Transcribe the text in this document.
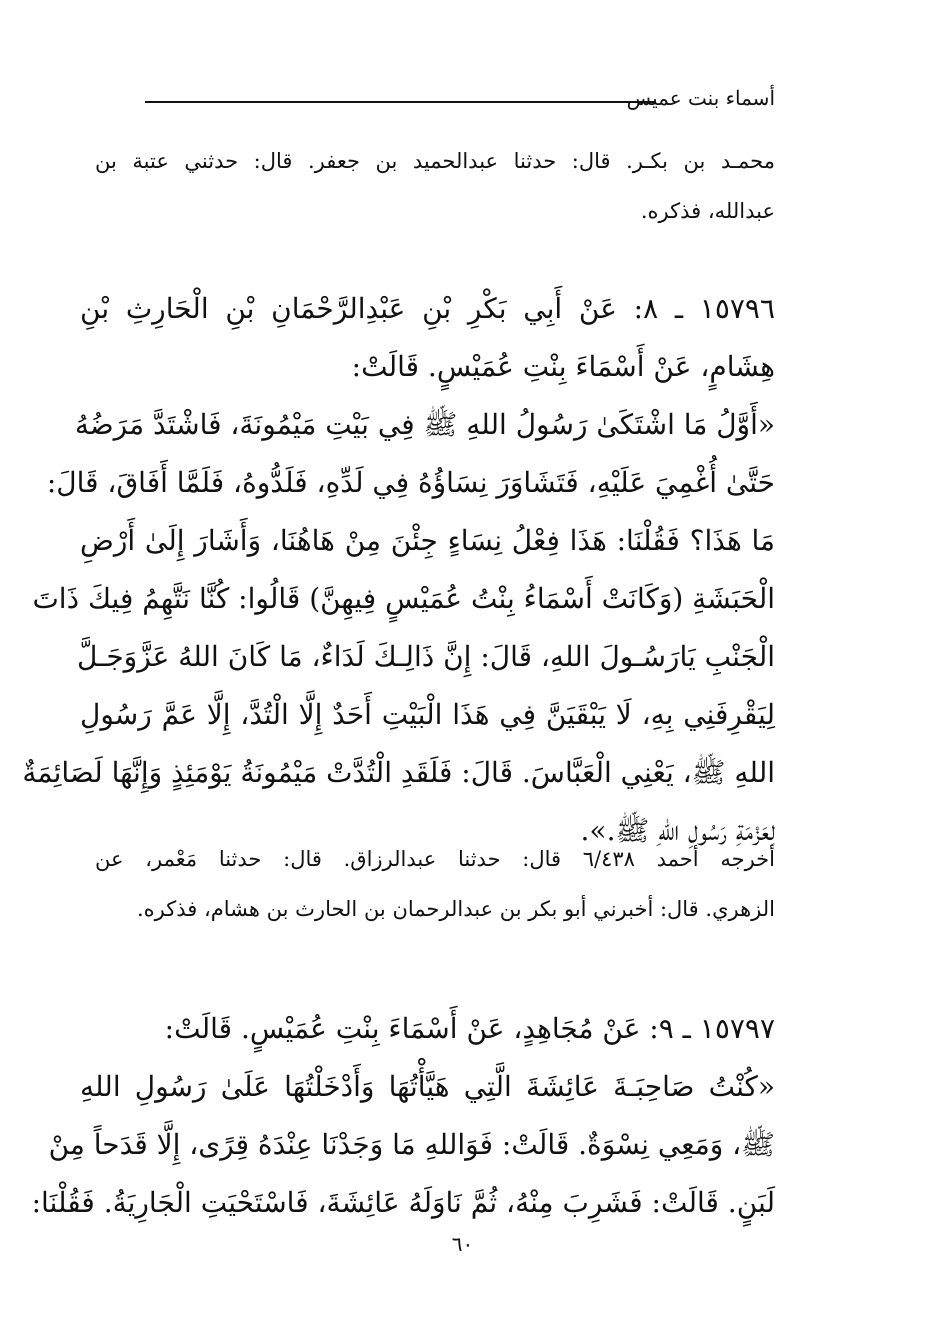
أسماء بنت عميس
محمـد بن بكـر. قال: حدثنا عبدالحميد بن جعفر. قال: حدثني عتبة بن
عبدالله، فذكره.
١٥٧٩٦ ـ ٨: عَنْ أَبِي بَكْرِ بْنِ عَبْدِالرَّحْمَانِ بْنِ الْحَارِثِ بْنِ
هِشَامٍ، عَنْ أَسْمَاءَ بِنْتِ عُمَيْسٍ. قَالَتْ:
«أَوَّلُ مَا اشْتَكَىٰ رَسُولُ اللهِ ﷺ فِي بَيْتِ مَيْمُونَةَ، فَاشْتَدَّ مَرَضُهُ
حَتَّىٰ أُغْمِيَ عَلَيْهِ، فَتَشَاوَرَ نِسَاؤُهُ فِي لَدِّهِ، فَلَدُّوهُ، فَلَمَّا أَفَاقَ، قَالَ:
مَا هَذَا؟ فَقُلْنَا: هَذَا فِعْلُ نِسَاءٍ جِئْنَ مِنْ هَاهُنَا، وَأَشَارَ إِلَىٰ أَرْضِ
الْحَبَشَةِ (وَكَانَتْ أَسْمَاءُ بِنْتُ عُمَيْسٍ فِيهِنَّ) قَالُوا: كُنَّا نَتَّهِمُ فِيكَ ذَاتَ
الْجَنْبِ يَارَسُـولَ اللهِ، قَالَ: إِنَّ ذَالِـكَ لَدَاءٌ، مَا كَانَ اللهُ عَزَّوَجَـلَّ
لِيَقْرِفَنِي بِهِ، لَا يَبْقَيَنَّ فِي هَذَا الْبَيْتِ أَحَدٌ إِلَّا الْتُدَّ، إِلَّا عَمَّ رَسُولِ
اللهِ ﷺ، يَعْنِي الْعَبَّاسَ. قَالَ: فَلَقَدِ الْتُدَّتْ مَيْمُونَةُ يَوْمَئِذٍ وَإِنَّهَا لَصَائِمَةٌ
لِعَزْمَةِ رَسُولِ اللهِ ﷺ.».
أخرجه أحمد ٦/٤٣٨ قال: حدثنا عبدالرزاق. قال: حدثنا مَعْمر، عن
الزهري. قال: أخبرني أبو بكر بن عبدالرحمان بن الحارث بن هشام، فذكره.
١٥٧٩٧ ـ ٩: عَنْ مُجَاهِدٍ، عَنْ أَسْمَاءَ بِنْتِ عُمَيْسٍ. قَالَتْ:
«كُنْتُ صَاحِبَـةَ عَائِشَةَ الَّتِي هَيَّأْتُهَا وَأَدْخَلْتُهَا عَلَىٰ رَسُولِ اللهِ
ﷺ، وَمَعِي نِسْوَةٌ. قَالَتْ: فَوَاللهِ مَا وَجَدْنَا عِنْدَهُ قِرًى، إِلَّا قَدَحاً مِنْ
لَبَنٍ. قَالَتْ: فَشَرِبَ مِنْهُ، ثُمَّ نَاوَلَهُ عَائِشَةَ، فَاسْتَحْيَتِ الْجَارِيَةُ. فَقُلْنَا:
٦٠
